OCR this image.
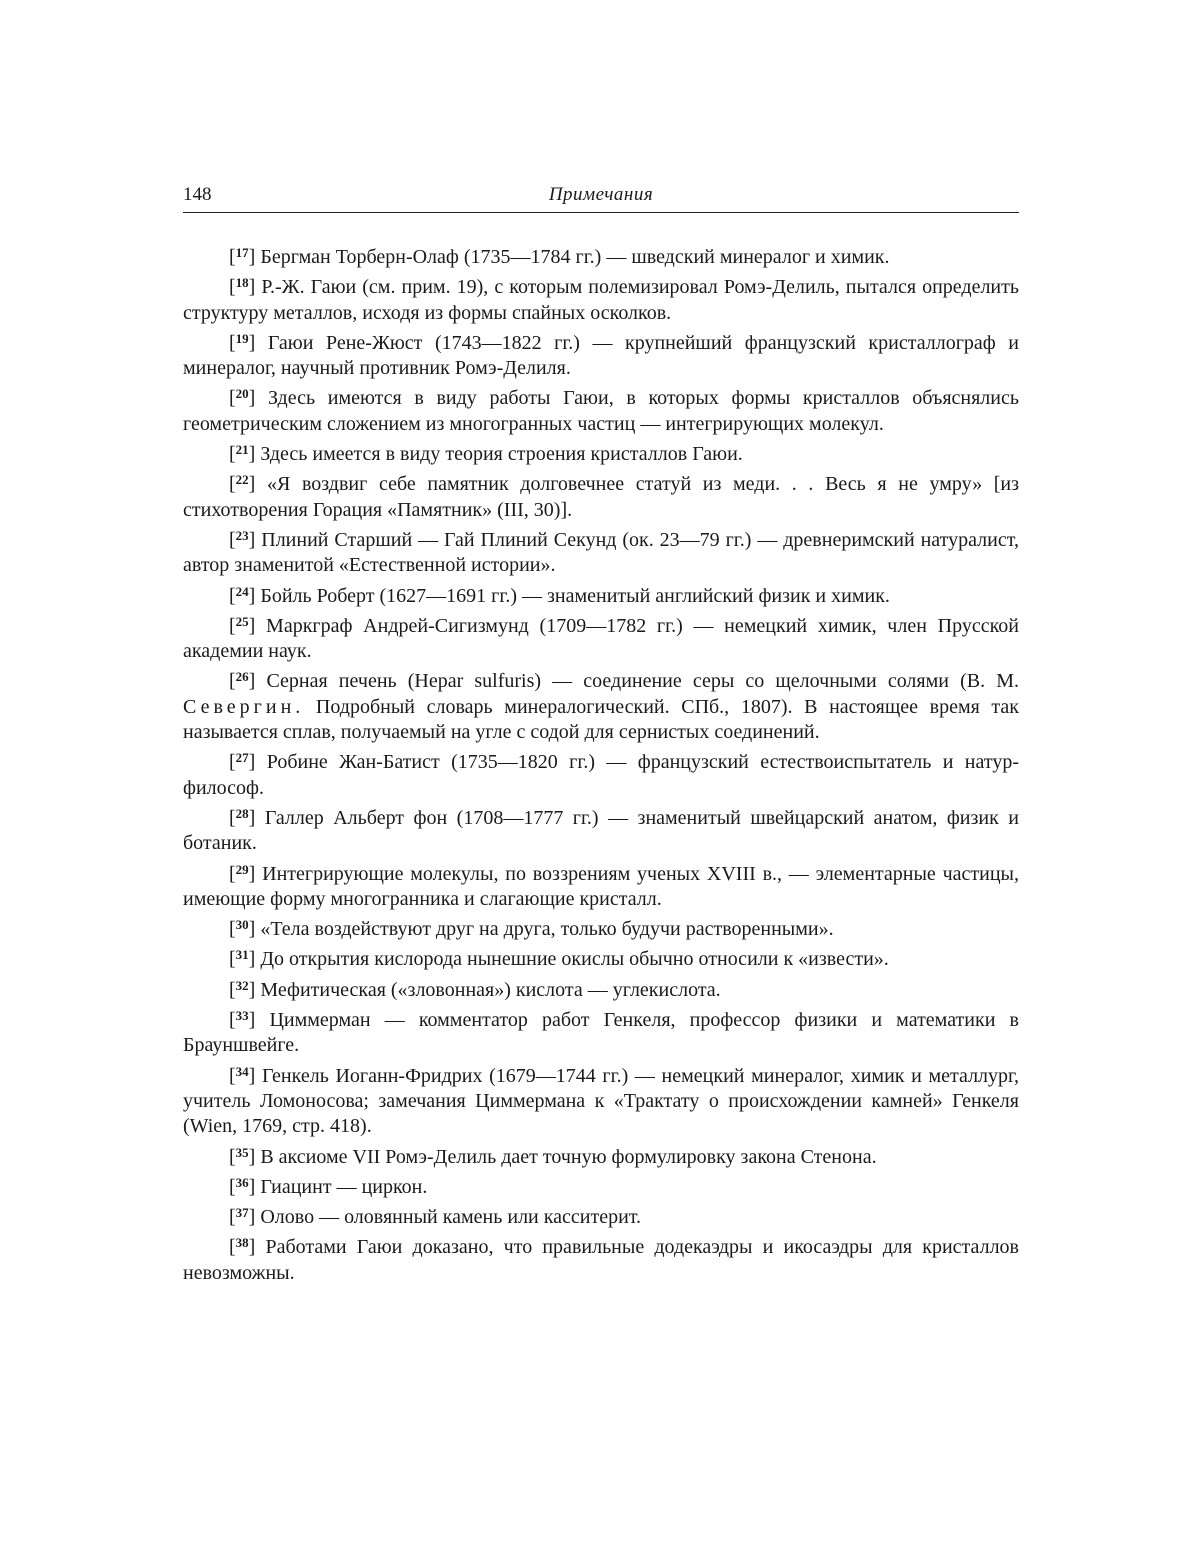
148	Примечания

[$^{17}$] Бергман Торберн-Олаф (1735—1784 гг.) — шведский минералог и химик.

[$^{18}$] Р.-Ж. Гаюи (см. прим. 19), с которым полемизировал Ромэ-Делиль, пытался определить структуру металлов, исходя из формы спайных осколков.

[$^{19}$] Гаюи Рене-Жюст (1743—1822 гг.) — крупнейший французский кристаллограф и минералог, научный противник Ромэ-Делиля.

[$^{20}$] Здесь имеются в виду работы Гаюи, в которых формы кристаллов объяснялись геометрическим сложением из многогранных частиц — интегрирующих молекул.

[$^{21}$] Здесь имеется в виду теория строения кристаллов Гаюи.

[$^{22}$] «Я воздвиг себе памятник долговечнее статуй из меди. . . Весь я не умру» [из стихотворения Горация «Памятник» (III, 30)].

[$^{23}$] Плиний Старший — Гай Плиний Секунд (ок. 23—79 гг.) — древнеримский натуралист, автор знаменитой «Естественной истории».

[$^{24}$] Бойль Роберт (1627—1691 гг.) — знаменитый английский физик и химик.

[$^{25}$] Маркграф Андрей-Сигизмунд (1709—1782 гг.) — немецкий химик, член Прусской академии наук.

[$^{26}$] Серная печень (Hepar sulfuris) — соединение серы со щелочными солями (В. М. Севергин. Подробный словарь минералогический. СПб., 1807). В настоящее время так называется сплав, получаемый на угле с содой для сернистых соединений.

[$^{27}$] Робине Жан-Батист (1735—1820 гг.) — французский естествоиспытатель и натур-философ.

[$^{28}$] Галлер Альберт фон (1708—1777 гг.) — знаменитый швейцарский анатом, физик и ботаник.

[$^{29}$] Интегрирующие молекулы, по воззрениям ученых XVIII в., — элементарные частицы, имеющие форму многогранника и слагающие кристалл.

[$^{30}$] «Тела воздействуют друг на друга, только будучи растворенными».

[$^{31}$] До открытия кислорода нынешние окислы обычно относили к «извести».

[$^{32}$] Мефитическая («зловонная») кислота — углекислота.

[$^{33}$] Циммерман — комментатор работ Генкеля, профессор физики и математики в Брауншвейге.

[$^{34}$] Генкель Иоганн-Фридрих (1679—1744 гг.) — немецкий минералог, химик и металлург, учитель Ломоносова; замечания Циммермана к «Трактату о происхождении камней» Генкеля (Wien, 1769, стр. 418).

[$^{35}$] В аксиоме VII Ромэ-Делиль дает точную формулировку закона Стенона.

[$^{36}$] Гиацинт — циркон.

[$^{37}$] Олово — оловянный камень или касситерит.

[$^{38}$] Работами Гаюи доказано, что правильные додекаэдры и икосаэдры для кристаллов невозможны.
